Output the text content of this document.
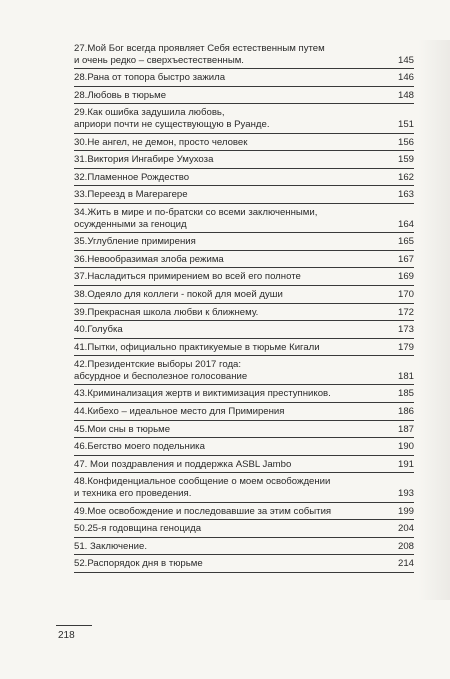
27.Мой Бог всегда проявляет Себя естественным путем
и очень редко – сверхъестественным.	145
28.Рана от топора быстро зажила	146
28.Любовь в тюрьме	148
29.Как ошибка задушила любовь,
априори почти не существующую в Руанде.	151
30.Не ангел, не демон, просто человек	156
31.Виктория Ингабире Умухоза	159
32.Пламенное Рождество	162
33.Переезд в Магерагере	163
34.Жить в мире и по-братски со всеми заключенными,
осужденными за геноцид	164
35.Углубление примирения	165
36.Невообразимая злоба режима	167
37.Насладиться примирением во всей его полноте	169
38.Одеяло для коллеги - покой для моей души	170
39.Прекрасная школа любви к ближнему.	172
40.Голубка	173
41.Пытки, официально практикуемые в тюрьме Кигали	179
42.Президентские выборы 2017 года:
абсурдное и бесполезное голосование	181
43.Криминализация жертв и виктимизация преступников.	185
44.Кибехо – идеальное место для Примирения	186
45.Мои сны в тюрьме	187
46.Бегство моего подельника	190
47. Мои поздравления и поддержка ASBL Jambo	191
48.Конфиденциальное сообщение о моем освобождении
и техника его проведения.	193
49.Мое освобождение и последовавшие за этим события	199
50.25-я годовщина геноцида	204
51. Заключение.	208
52.Распорядок дня в тюрьме	214
218
